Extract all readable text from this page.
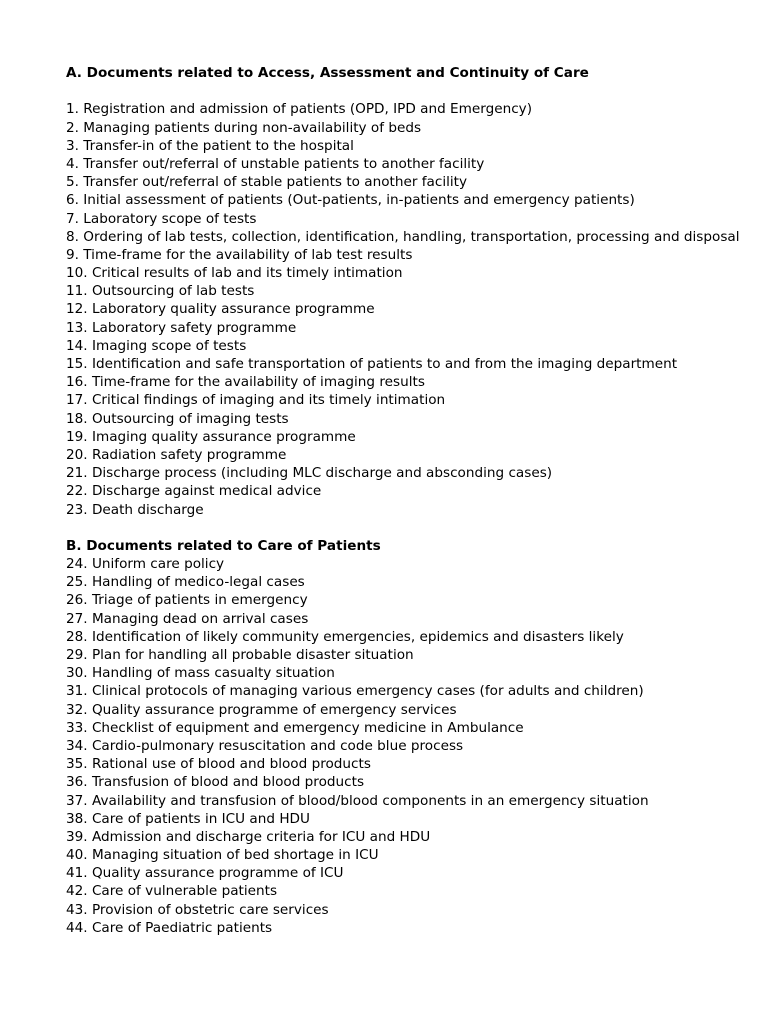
A. Documents related to Access, Assessment and Continuity of Care
1. Registration and admission of patients (OPD, IPD and Emergency)
2. Managing patients during non-availability of beds
3. Transfer-in of the patient to the hospital
4. Transfer out/referral of unstable patients to another facility
5. Transfer out/referral of stable patients to another facility
6. Initial assessment of patients (Out-patients, in-patients and emergency patients)
7. Laboratory scope of tests
8. Ordering of lab tests, collection, identification, handling, transportation, processing and disposal
9. Time-frame for the availability of lab test results
10. Critical results of lab and its timely intimation
11. Outsourcing of lab tests
12. Laboratory quality assurance programme
13. Laboratory safety programme
14. Imaging scope of tests
15. Identification and safe transportation of patients to and from the imaging department
16. Time-frame for the availability of imaging results
17. Critical findings of imaging and its timely intimation
18. Outsourcing of imaging tests
19. Imaging quality assurance programme
20. Radiation safety programme
21. Discharge process (including MLC discharge and absconding cases)
22. Discharge against medical advice
23. Death discharge
B. Documents related to Care of Patients
24. Uniform care policy
25. Handling of medico-legal cases
26. Triage of patients in emergency
27. Managing dead on arrival cases
28. Identification of likely community emergencies, epidemics and disasters likely
29. Plan for handling all probable disaster situation
30. Handling of mass casualty situation
31. Clinical protocols of managing various emergency cases (for adults and children)
32. Quality assurance programme of emergency services
33. Checklist of equipment and emergency medicine in Ambulance
34. Cardio-pulmonary resuscitation and code blue process
35. Rational use of blood and blood products
36. Transfusion of blood and blood products
37. Availability and transfusion of blood/blood components in an emergency situation
38. Care of patients in ICU and HDU
39. Admission and discharge criteria for ICU and HDU
40. Managing situation of bed shortage in ICU
41. Quality assurance programme of ICU
42. Care of vulnerable patients
43. Provision of obstetric care services
44. Care of Paediatric patients
